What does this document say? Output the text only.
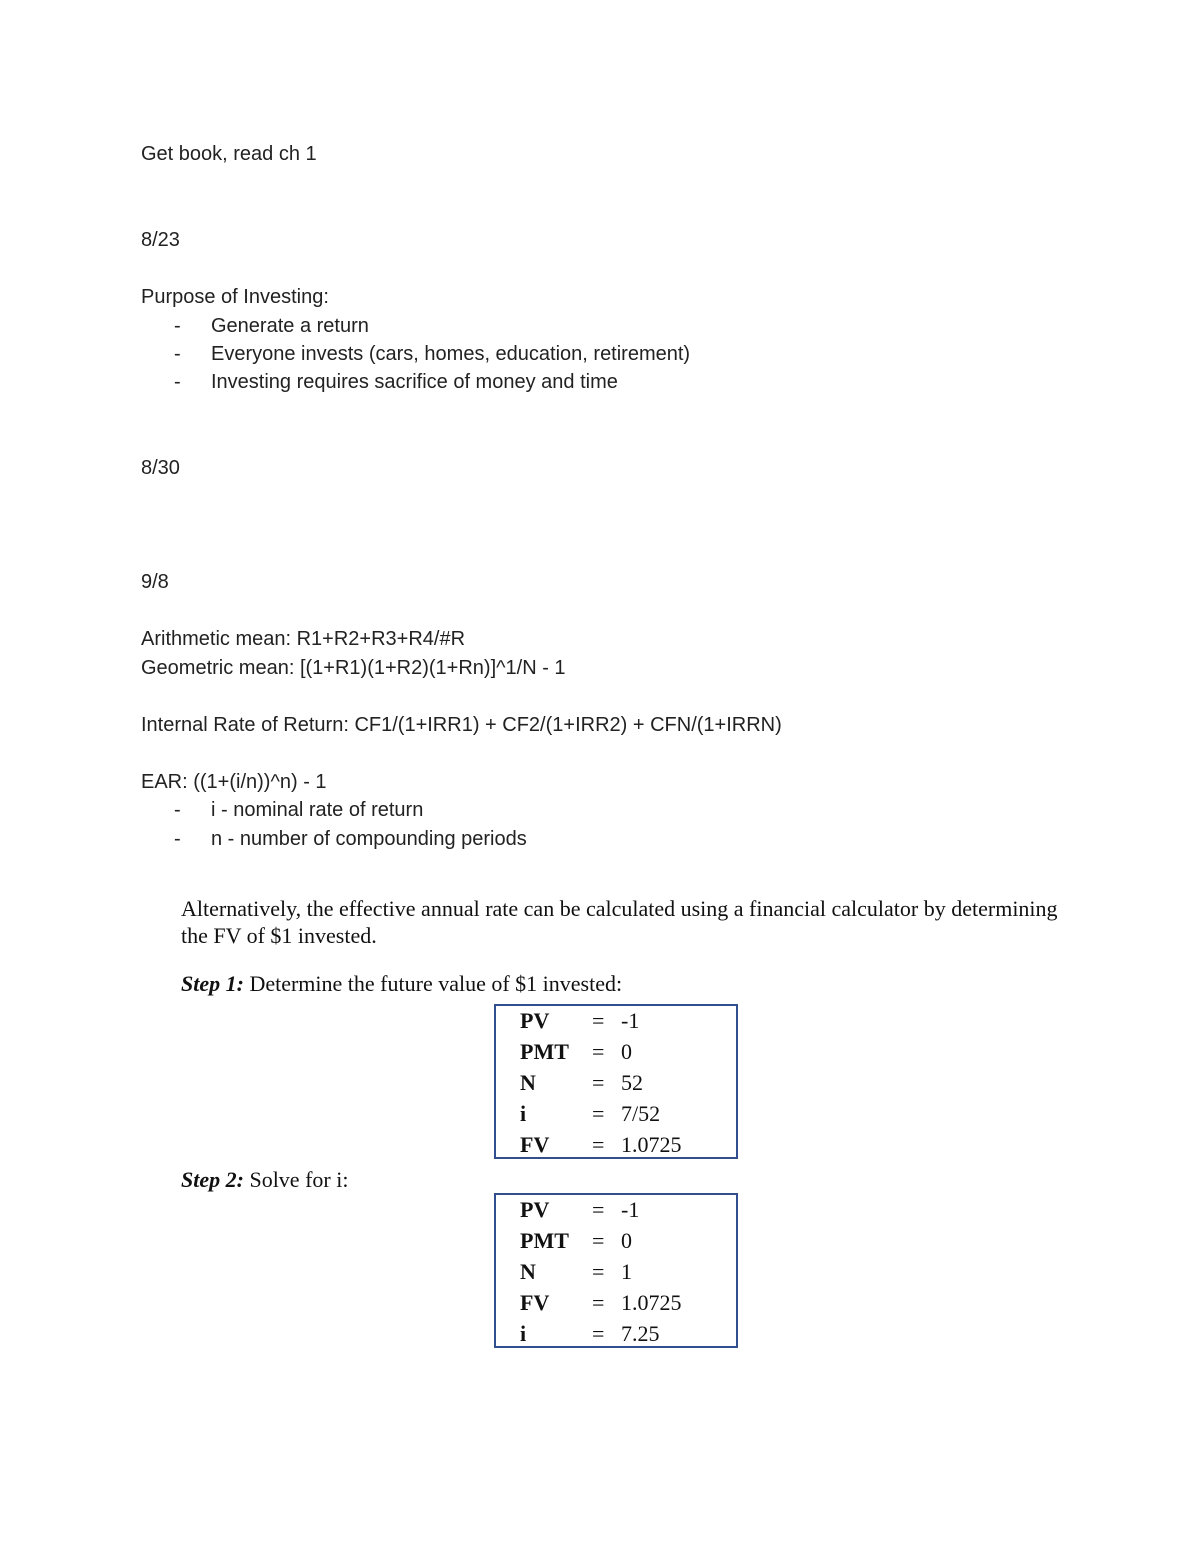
Get book, read ch 1
8/23
Purpose of Investing:
- Generate a return
- Everyone invests (cars, homes, education, retirement)
- Investing requires sacrifice of money and time
8/30
9/8
Arithmetic mean: R1+R2+R3+R4/#R
Geometric mean: [(1+R1)(1+R2)(1+Rn)]^1/N - 1
Internal Rate of Return: CF1/(1+IRR1) + CF2/(1+IRR2) + CFN/(1+IRRN)
EAR: ((1+(i/n))^n) - 1
- i - nominal rate of return
- n - number of compounding periods
Alternatively, the effective annual rate can be calculated using a financial calculator by determining the FV of $1 invested.
Step 1: Determine the future value of $1 invested:
PV = -1
PMT = 0
N	= 52
i	= 7/52
FV = 1.0725
Step 2: Solve for i:
PV = -1
PMT = 0
N	= 1
FV = 1.0725
i	= 7.25
